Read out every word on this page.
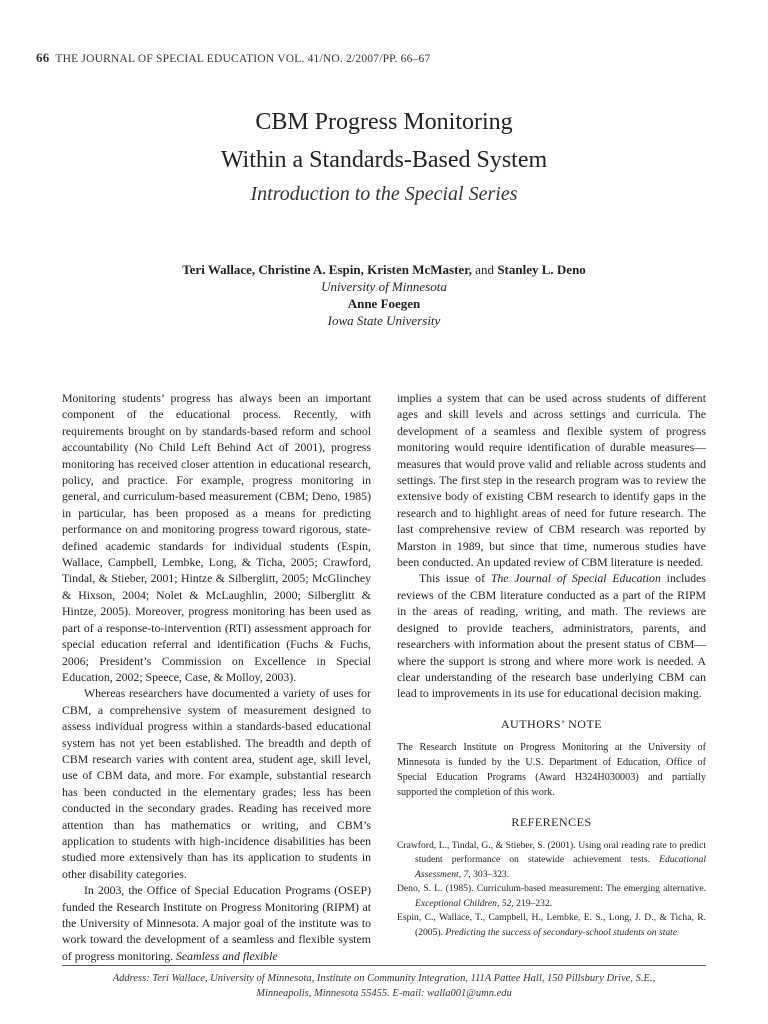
66 THE JOURNAL OF SPECIAL EDUCATION VOL. 41/NO. 2/2007/PP. 66–67
CBM Progress Monitoring
Within a Standards-Based System
Introduction to the Special Series
Teri Wallace, Christine A. Espin, Kristen McMaster, and Stanley L. Deno
University of Minnesota
Anne Foegen
Iowa State University

Monitoring students’ progress has always been an important component of the educational process. Recently, with requirements brought on by standards-based reform and school accountability (No Child Left Behind Act of 2001), progress monitoring has received closer attention in educational research, policy, and practice. For example, progress monitoring in general, and curriculum-based measurement (CBM; Deno, 1985) in particular, has been proposed as a means for predicting performance on and monitoring progress toward rigorous, state-defined academic standards for individual students (Espin, Wallace, Campbell, Lembke, Long, & Ticha, 2005; Crawford, Tindal, & Stieber, 2001; Hintze & Silberglitt, 2005; McGlinchey & Hixson, 2004; Nolet & McLaughlin, 2000; Silberglitt & Hintze, 2005). Moreover, progress monitoring has been used as part of a response-to-intervention (RTI) assessment approach for special education referral and identification (Fuchs & Fuchs, 2006; President’s Commission on Excellence in Special Education, 2002; Speece, Case, & Molloy, 2003).

Whereas researchers have documented a variety of uses for CBM, a comprehensive system of measurement designed to assess individual progress within a standards-based educational system has not yet been established. The breadth and depth of CBM research varies with content area, student age, skill level, use of CBM data, and more. For example, substantial research has been conducted in the elementary grades; less has been conducted in the secondary grades. Reading has received more attention than has mathematics or writing, and CBM’s application to students with high-incidence disabilities has been studied more extensively than has its application to students in other disability categories.

In 2003, the Office of Special Education Programs (OSEP) funded the Research Institute on Progress Monitoring (RIPM) at the University of Minnesota. A major goal of the institute was to work toward the development of a seamless and flexible system of progress monitoring. Seamless and flexible

implies a system that can be used across students of different ages and skill levels and across settings and curricula. The development of a seamless and flexible system of progress monitoring would require identification of durable measures—measures that would prove valid and reliable across students and settings. The first step in the research program was to review the extensive body of existing CBM research to identify gaps in the research and to highlight areas of need for future research. The last comprehensive review of CBM research was reported by Marston in 1989, but since that time, numerous studies have been conducted. An updated review of CBM literature is needed.

This issue of The Journal of Special Education includes reviews of the CBM literature conducted as a part of the RIPM in the areas of reading, writing, and math. The reviews are designed to provide teachers, administrators, parents, and researchers with information about the present status of CBM—where the support is strong and where more work is needed. A clear understanding of the research base underlying CBM can lead to improvements in its use for educational decision making.

AUTHORS’ NOTE

The Research Institute on Progress Monitoring at the University of Minnesota is funded by the U.S. Department of Education, Office of Special Education Programs (Award H324H030003) and partially supported the completion of this work.

REFERENCES

Crawford, L., Tindal, G., & Stieber, S. (2001). Using oral reading rate to predict student performance on statewide achievement tests. Educational Assessment, 7, 303–323.

Deno, S. L. (1985). Curriculum-based measurement: The emerging alternative. Exceptional Children, 52, 219–232.

Espin, C., Wallace, T., Campbell, H., Lembke, E. S., Long, J. D., & Ticha, R. (2005). Predicting the success of secondary-school students on state

Address: Teri Wallace, University of Minnesota, Institute on Community Integration, 111A Pattee Hall, 150 Pillsbury Drive, S.E.,
Minneapolis, Minnesota 55455. E-mail: walla001@umn.edu
